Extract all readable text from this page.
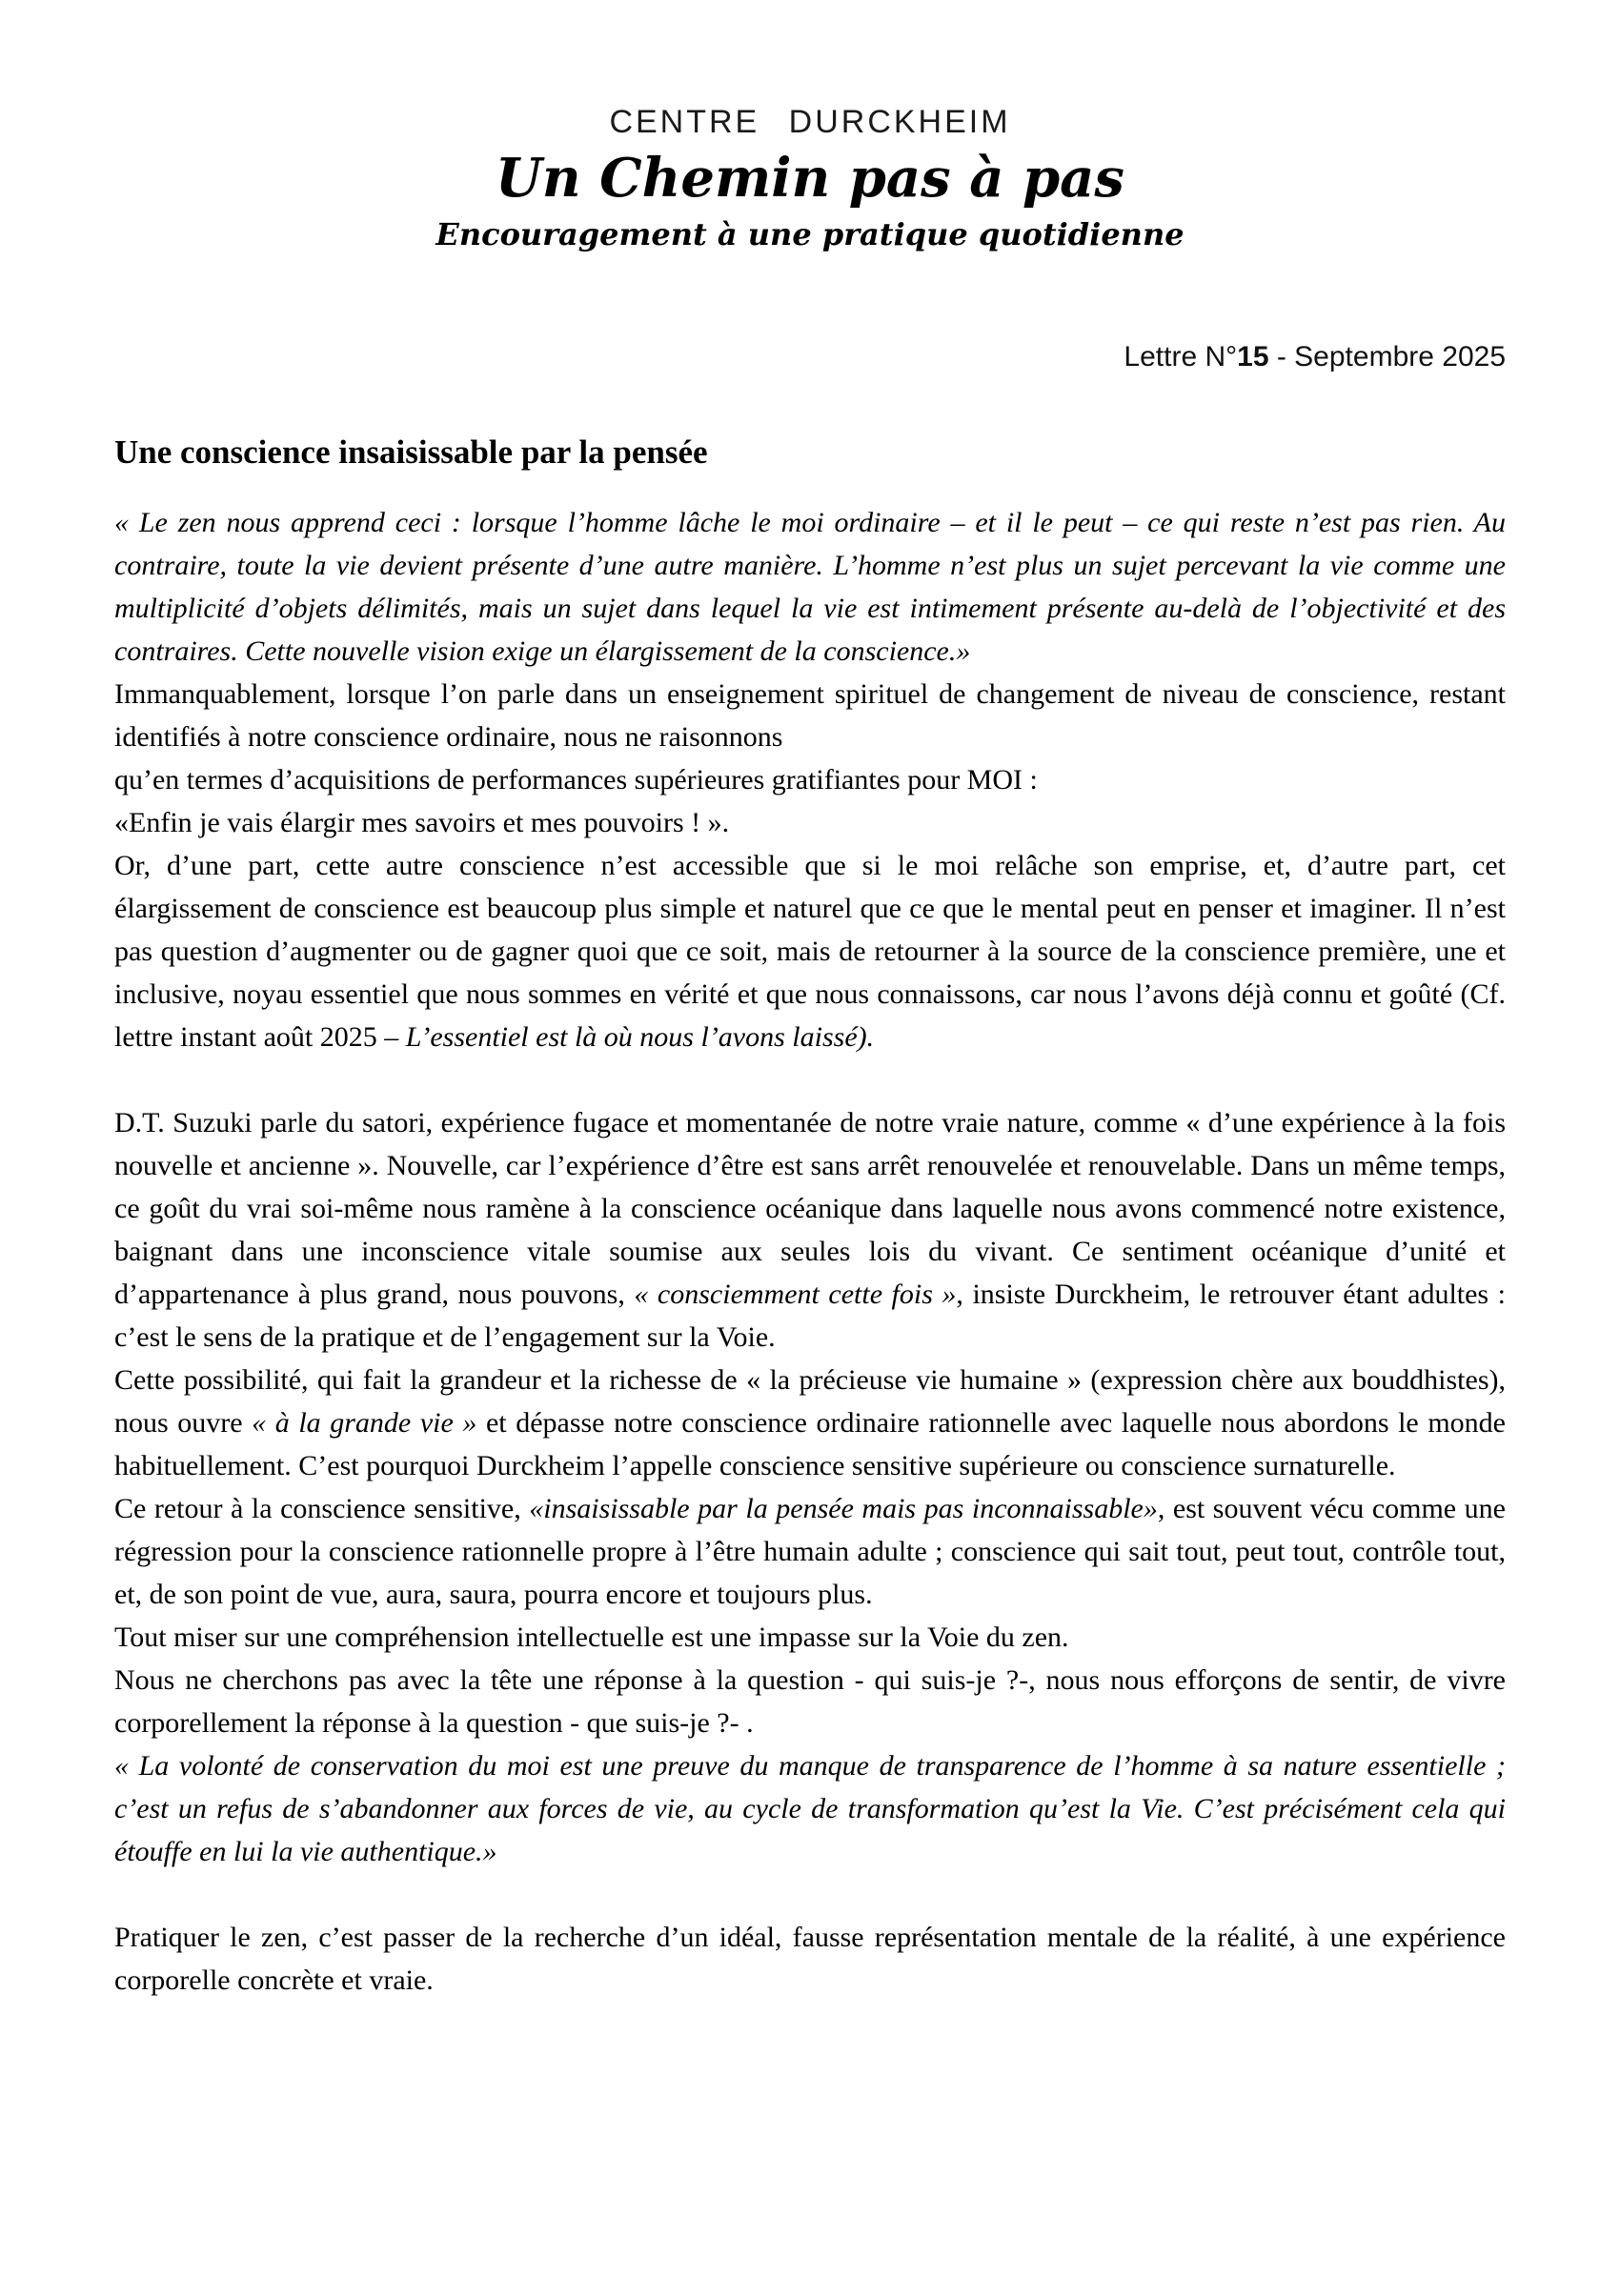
CENTRE DURCKHEIM
Un Chemin pas à pas
Encouragement à une pratique quotidienne
Lettre N°15 - Septembre 2025
Une conscience insaisissable par la pensée

« Le zen nous apprend ceci : lorsque l’homme lâche le moi ordinaire – et il le peut – ce qui reste n’est pas rien. Au contraire, toute la vie devient présente d’une autre manière. L’homme n’est plus un sujet percevant la vie comme une multiplicité d’objets délimités, mais un sujet dans lequel la vie est intimement présente au-delà de l’objectivité et des contraires. Cette nouvelle vision exige un élargissement de la conscience.»

Immanquablement, lorsque l’on parle dans un enseignement spirituel de changement de niveau de conscience, restant identifiés à notre conscience ordinaire, nous ne raisonnons

qu’en termes d’acquisitions de performances supérieures gratifiantes pour MOI :

«Enfin je vais élargir mes savoirs et mes pouvoirs ! ».

Or, d’une part, cette autre conscience n’est accessible que si le moi relâche son emprise, et, d’autre part, cet élargissement de conscience est beaucoup plus simple et naturel que ce que le mental peut en penser et imaginer. Il n’est pas question d’augmenter ou de gagner quoi que ce soit, mais de retourner à la source de la conscience première, une et inclusive, noyau essentiel que nous sommes en vérité et que nous connaissons, car nous l’avons déjà connu et goûté (Cf. lettre instant août 2025 – L’essentiel est là où nous l’avons laissé).

D.T. Suzuki parle du satori, expérience fugace et momentanée de notre vraie nature, comme « d’une expérience à la fois nouvelle et ancienne ». Nouvelle, car l’expérience d’être est sans arrêt renouvelée et renouvelable. Dans un même temps, ce goût du vrai soi-même nous ramène à la conscience océanique dans laquelle nous avons commencé notre existence, baignant dans une inconscience vitale soumise aux seules lois du vivant. Ce sentiment océanique d’unité et d’appartenance à plus grand, nous pouvons, « consciemment cette fois », insiste Durckheim, le retrouver étant adultes : c’est le sens de la pratique et de l’engagement sur la Voie.

Cette possibilité, qui fait la grandeur et la richesse de « la précieuse vie humaine » (expression chère aux bouddhistes), nous ouvre « à la grande vie » et dépasse notre conscience ordinaire rationnelle avec laquelle nous abordons le monde habituellement. C’est pourquoi Durckheim l’appelle conscience sensitive supérieure ou conscience surnaturelle.

Ce retour à la conscience sensitive, «insaisissable par la pensée mais pas inconnaissable», est souvent vécu comme une régression pour la conscience rationnelle propre à l’être humain adulte ; conscience qui sait tout, peut tout, contrôle tout, et, de son point de vue, aura, saura, pourra encore et toujours plus.

Tout miser sur une compréhension intellectuelle est une impasse sur la Voie du zen.

Nous ne cherchons pas avec la tête une réponse à la question - qui suis-je ?-, nous nous efforçons de sentir, de vivre corporellement la réponse à la question - que suis-je ?- .

« La volonté de conservation du moi est une preuve du manque de transparence de l’homme à sa nature essentielle ; c’est un refus de s’abandonner aux forces de vie, au cycle de transformation qu’est la Vie. C’est précisément cela qui étouffe en lui la vie authentique.»

Pratiquer le zen, c’est passer de la recherche d’un idéal, fausse représentation mentale de la réalité, à une expérience corporelle concrète et vraie.
